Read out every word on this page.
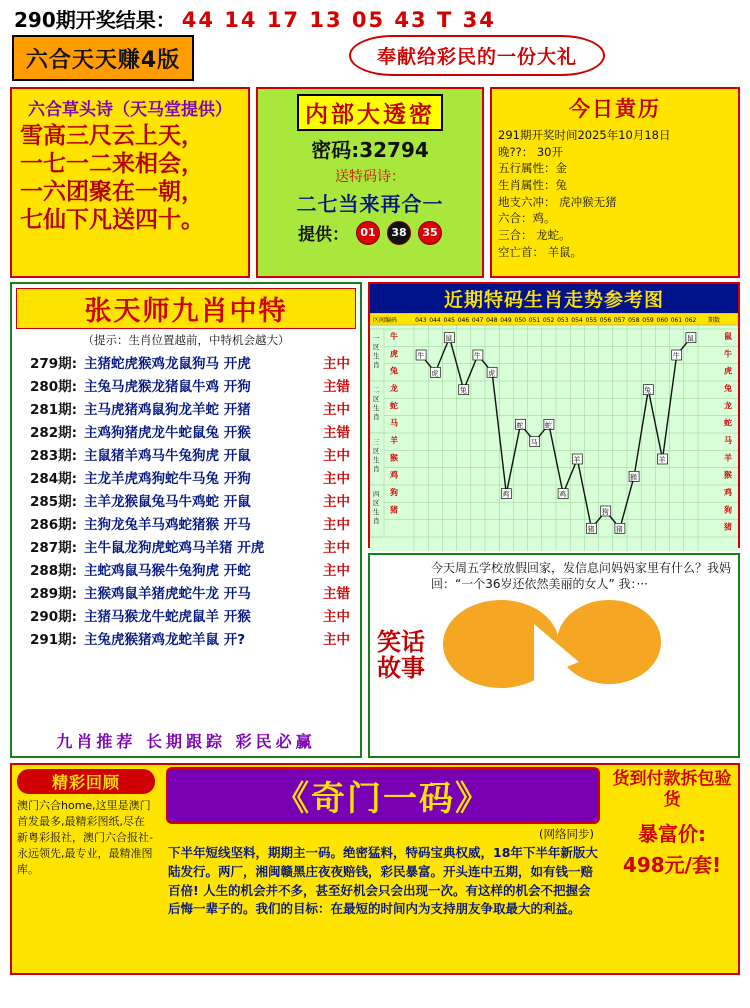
290期开奖结果： 44 14 17 13 05 43 T 34
六合天天赚4版	奉献给彩民的一份大礼
六合草头诗（天马堂提供）
雪高三尺云上天，
一七一二来相会，
一六团聚在一朝，
七仙下凡送四十。
内部大透密
密码:32794
送特码诗：
二七当来再合一
提供：	01	38	35
今日黄历
291期开奖时间2025年10月18日
晚??： 30开
五行属性：金
生肖属性：兔
地支六冲： 虎冲猴无猪
六合：鸡。
三合： 龙蛇。
空亡首： 羊鼠。
张天师九肖中特
（提示：生肖位置越前，中特机会越大）
279期: 主猪蛇虎猴鸡龙鼠狗马 开虎	主中
280期: 主兔马虎猴龙猪鼠牛鸡 开狗	主错
281期: 主马虎猪鸡鼠狗龙羊蛇 开猪	主中
282期: 主鸡狗猪虎龙牛蛇鼠兔 开猴	主错
283期: 主鼠猪羊鸡马牛兔狗虎 开鼠	主中
284期: 主龙羊虎鸡狗蛇牛马兔 开狗	主中
285期: 主羊龙猴鼠兔马牛鸡蛇 开鼠	主中
286期: 主狗龙兔羊马鸡蛇猪猴 开马	主中
287期: 主牛鼠龙狗虎蛇鸡马羊猪 开虎	主中
288期: 主蛇鸡鼠马猴牛兔狗虎 开蛇	主中
289期: 主猴鸡鼠羊猪虎蛇牛龙 开马	主错
290期: 主猪马猴龙牛蛇虎鼠羊 开猴	主中
291期: 主兔虎猴猪鸡龙蛇羊鼠 开?	主中
九肖推荐 长期跟踪 彩民必赢
近期特码生肖走势参考图
区间编码	期数
043 044 045 046 047 048 049 050 051 052 053 054 055 056 057 058 059 060 061 062
一
区
生
肖
二
区
生
肖
三
区
生
肖
四
区
生
肖
牛
虎
兔
龙
蛇
马
羊
猴
鸡
狗
猪
鼠
牛
虎
兔
龙
蛇
马
羊
猴
鸡
狗
猪
牛
虎
鼠
兔
牛
虎
鸡
蛇
马
蛇
鸡
羊
猪
狗
猪
猴
兔
羊
牛
鼠
笑话故事
今天周五学校放假回家，发信息问妈妈家里有什么？我妈回：“一个36岁还依然美丽的女人” 我：···
精彩回顾
澳门六合home,这里是澳门首发最多,最精彩图纸,尽在新粤彩报社，澳门六合报社-永远领先,最专业，最精准图库。
《奇门一码》
(网络同步)
下半年短线坚料，期期主一码。绝密猛料，特码宝典权威，18年下半年新版大陆发行。两厂，湘闽赣黑庄夜夜赔钱，彩民暴富。开头连中五期，如有钱一赔百倍! 人生的机会并不多，甚至好机会只会出现一次。有这样的机会不把握会后悔一辈子的。我们的目标：在最短的时间内为支持朋友争取最大的利益。
货到付款拆包验货
暴富价:
498元/套!
